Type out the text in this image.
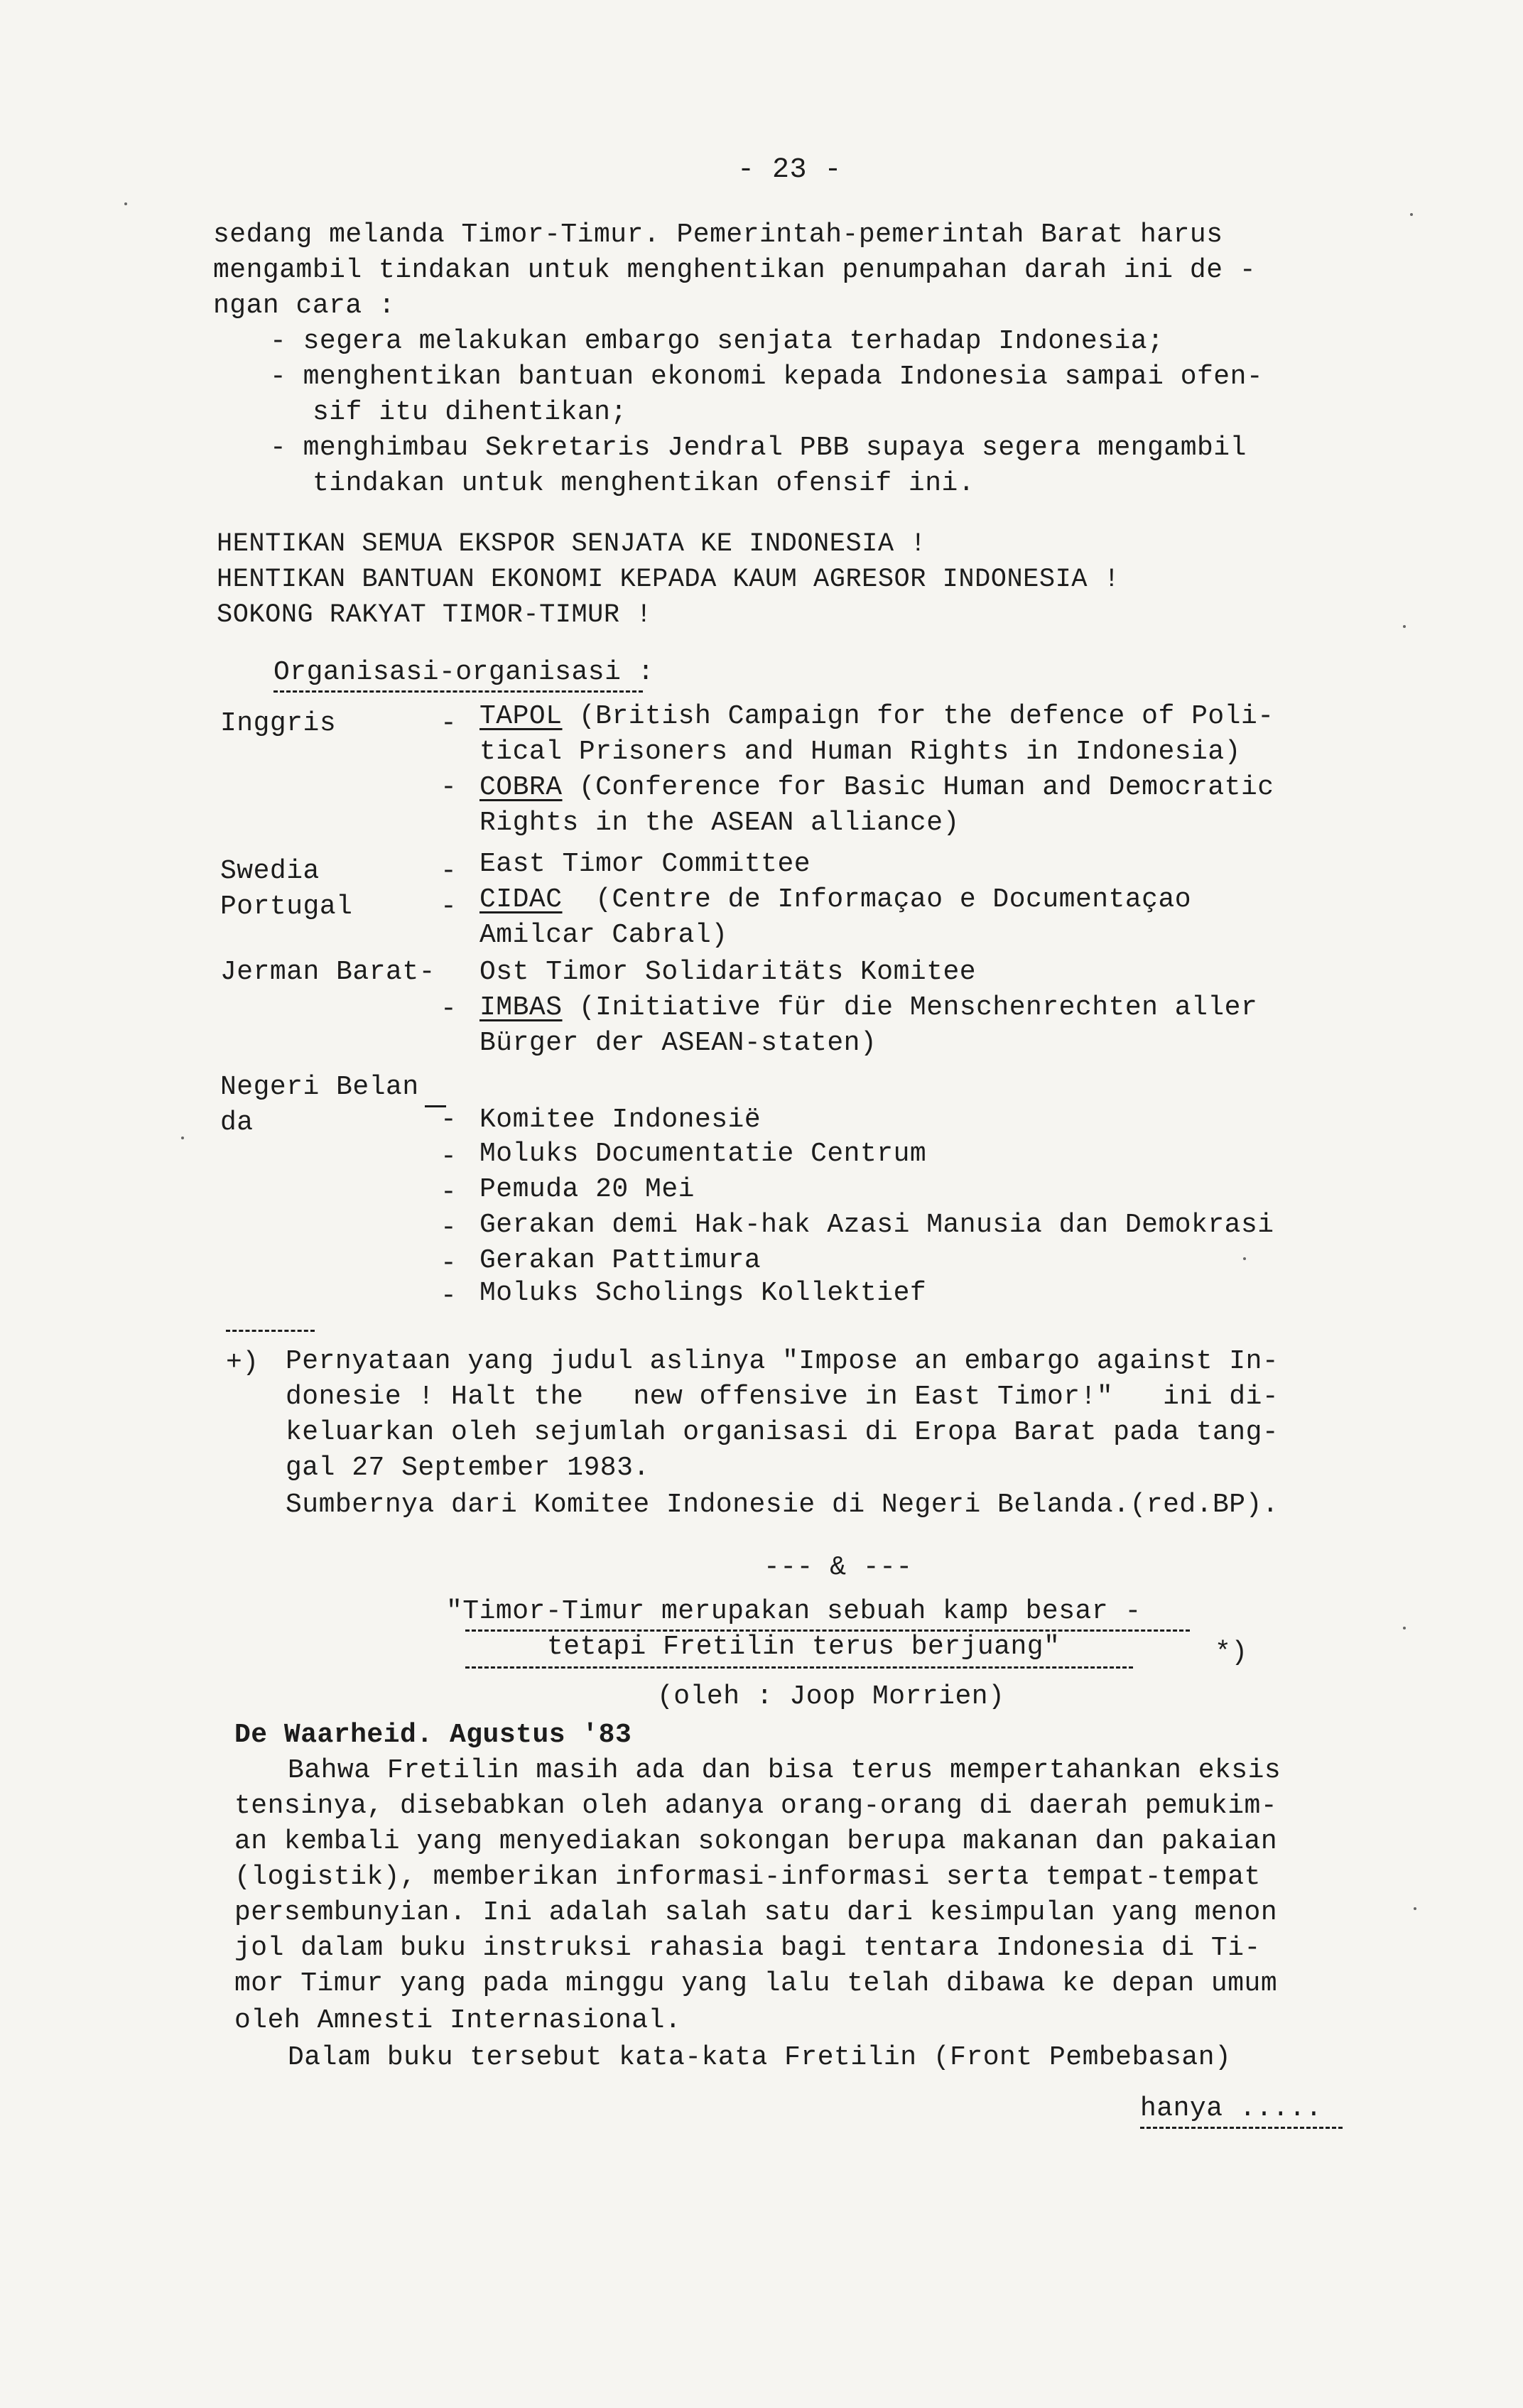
- 23 -
sedang melanda Timor-Timur. Pemerintah-pemerintah Barat harus
mengambil tindakan untuk menghentikan penumpahan darah ini de -
ngan cara :
- segera melakukan embargo senjata terhadap Indonesia;
- menghentikan bantuan ekonomi kepada Indonesia sampai ofen-
sif itu dihentikan;
- menghimbau Sekretaris Jendral PBB supaya segera mengambil
tindakan untuk menghentikan ofensif ini.
HENTIKAN SEMUA EKSPOR SENJATA KE INDONESIA !
HENTIKAN BANTUAN EKONOMI KEPADA KAUM AGRESOR INDONESIA !
SOKONG RAKYAT TIMOR-TIMUR !
Organisasi-organisasi :
Inggris	- TAPOL (British Campaign for the defence of Poli-
tical Prisoners and Human Rights in Indonesia)
- COBRA (Conference for Basic Human and Democratic
Rights in the ASEAN alliance)
Swedia	- East Timor Committee
Portugal	- CIDAC  (Centre de Informaçao e Documentaçao
Amilcar Cabral)
Jerman Barat- Ost Timor Solidaritäts Komitee
- IMBAS (Initiative für die Menschenrechten aller
Bürger der ASEAN-staten)
Negeri Belan
da	- Komitee Indonesië
- Moluks Documentatie Centrum
- Pemuda 20 Mei
- Gerakan demi Hak-hak Azasi Manusia dan Demokrasi
- Gerakan Pattimura
- Moluks Scholings Kollektief
+) Pernyataan yang judul aslinya "Impose an embargo against In-
donesie ! Halt the   new offensive in East Timor!"   ini di-
keluarkan oleh sejumlah organisasi di Eropa Barat pada tang-
gal 27 September 1983.
Sumbernya dari Komitee Indonesie di Negeri Belanda.(red.BP).
--- & ---
"Timor-Timur merupakan sebuah kamp besar -
tetapi Fretilin terus berjuang"	*)
(oleh : Joop Morrien)
De Waarheid. Agustus '83
Bahwa Fretilin masih ada dan bisa terus mempertahankan eksis
tensinya, disebabkan oleh adanya orang-orang di daerah pemukim-
an kembali yang menyediakan sokongan berupa makanan dan pakaian
(logistik), memberikan informasi-informasi serta tempat-tempat
persembunyian. Ini adalah salah satu dari kesimpulan yang menon
jol dalam buku instruksi rahasia bagi tentara Indonesia di Ti-
mor Timur yang pada minggu yang lalu telah dibawa ke depan umum
oleh Amnesti Internasional.
Dalam buku tersebut kata-kata Fretilin (Front Pembebasan)
hanya .....
